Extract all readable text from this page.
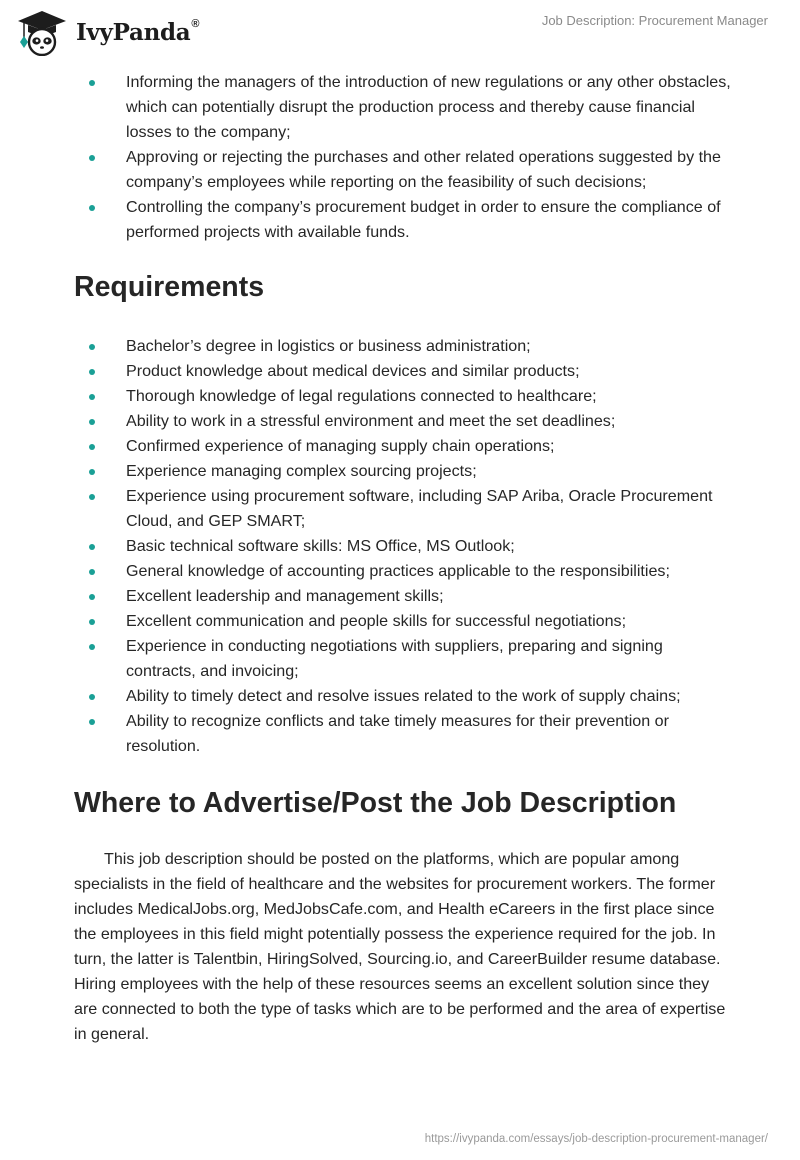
IvyPanda®	Job Description: Procurement Manager
Informing the managers of the introduction of new regulations or any other obstacles, which can potentially disrupt the production process and thereby cause financial losses to the company;
Approving or rejecting the purchases and other related operations suggested by the company’s employees while reporting on the feasibility of such decisions;
Controlling the company’s procurement budget in order to ensure the compliance of performed projects with available funds.
Requirements
Bachelor’s degree in logistics or business administration;
Product knowledge about medical devices and similar products;
Thorough knowledge of legal regulations connected to healthcare;
Ability to work in a stressful environment and meet the set deadlines;
Confirmed experience of managing supply chain operations;
Experience managing complex sourcing projects;
Experience using procurement software, including SAP Ariba, Oracle Procurement Cloud, and GEP SMART;
Basic technical software skills: MS Office, MS Outlook;
General knowledge of accounting practices applicable to the responsibilities;
Excellent leadership and management skills;
Excellent communication and people skills for successful negotiations;
Experience in conducting negotiations with suppliers, preparing and signing contracts, and invoicing;
Ability to timely detect and resolve issues related to the work of supply chains;
Ability to recognize conflicts and take timely measures for their prevention or resolution.
Where to Advertise/Post the Job Description

This job description should be posted on the platforms, which are popular among specialists in the field of healthcare and the websites for procurement workers. The former includes MedicalJobs.org, MedJobsCafe.com, and Health eCareers in the first place since the employees in this field might potentially possess the experience required for the job. In turn, the latter is Talentbin, HiringSolved, Sourcing.io, and CareerBuilder resume database. Hiring employees with the help of these resources seems an excellent solution since they are connected to both the type of tasks which are to be performed and the area of expertise in general.

https://ivypanda.com/essays/job-description-procurement-manager/
